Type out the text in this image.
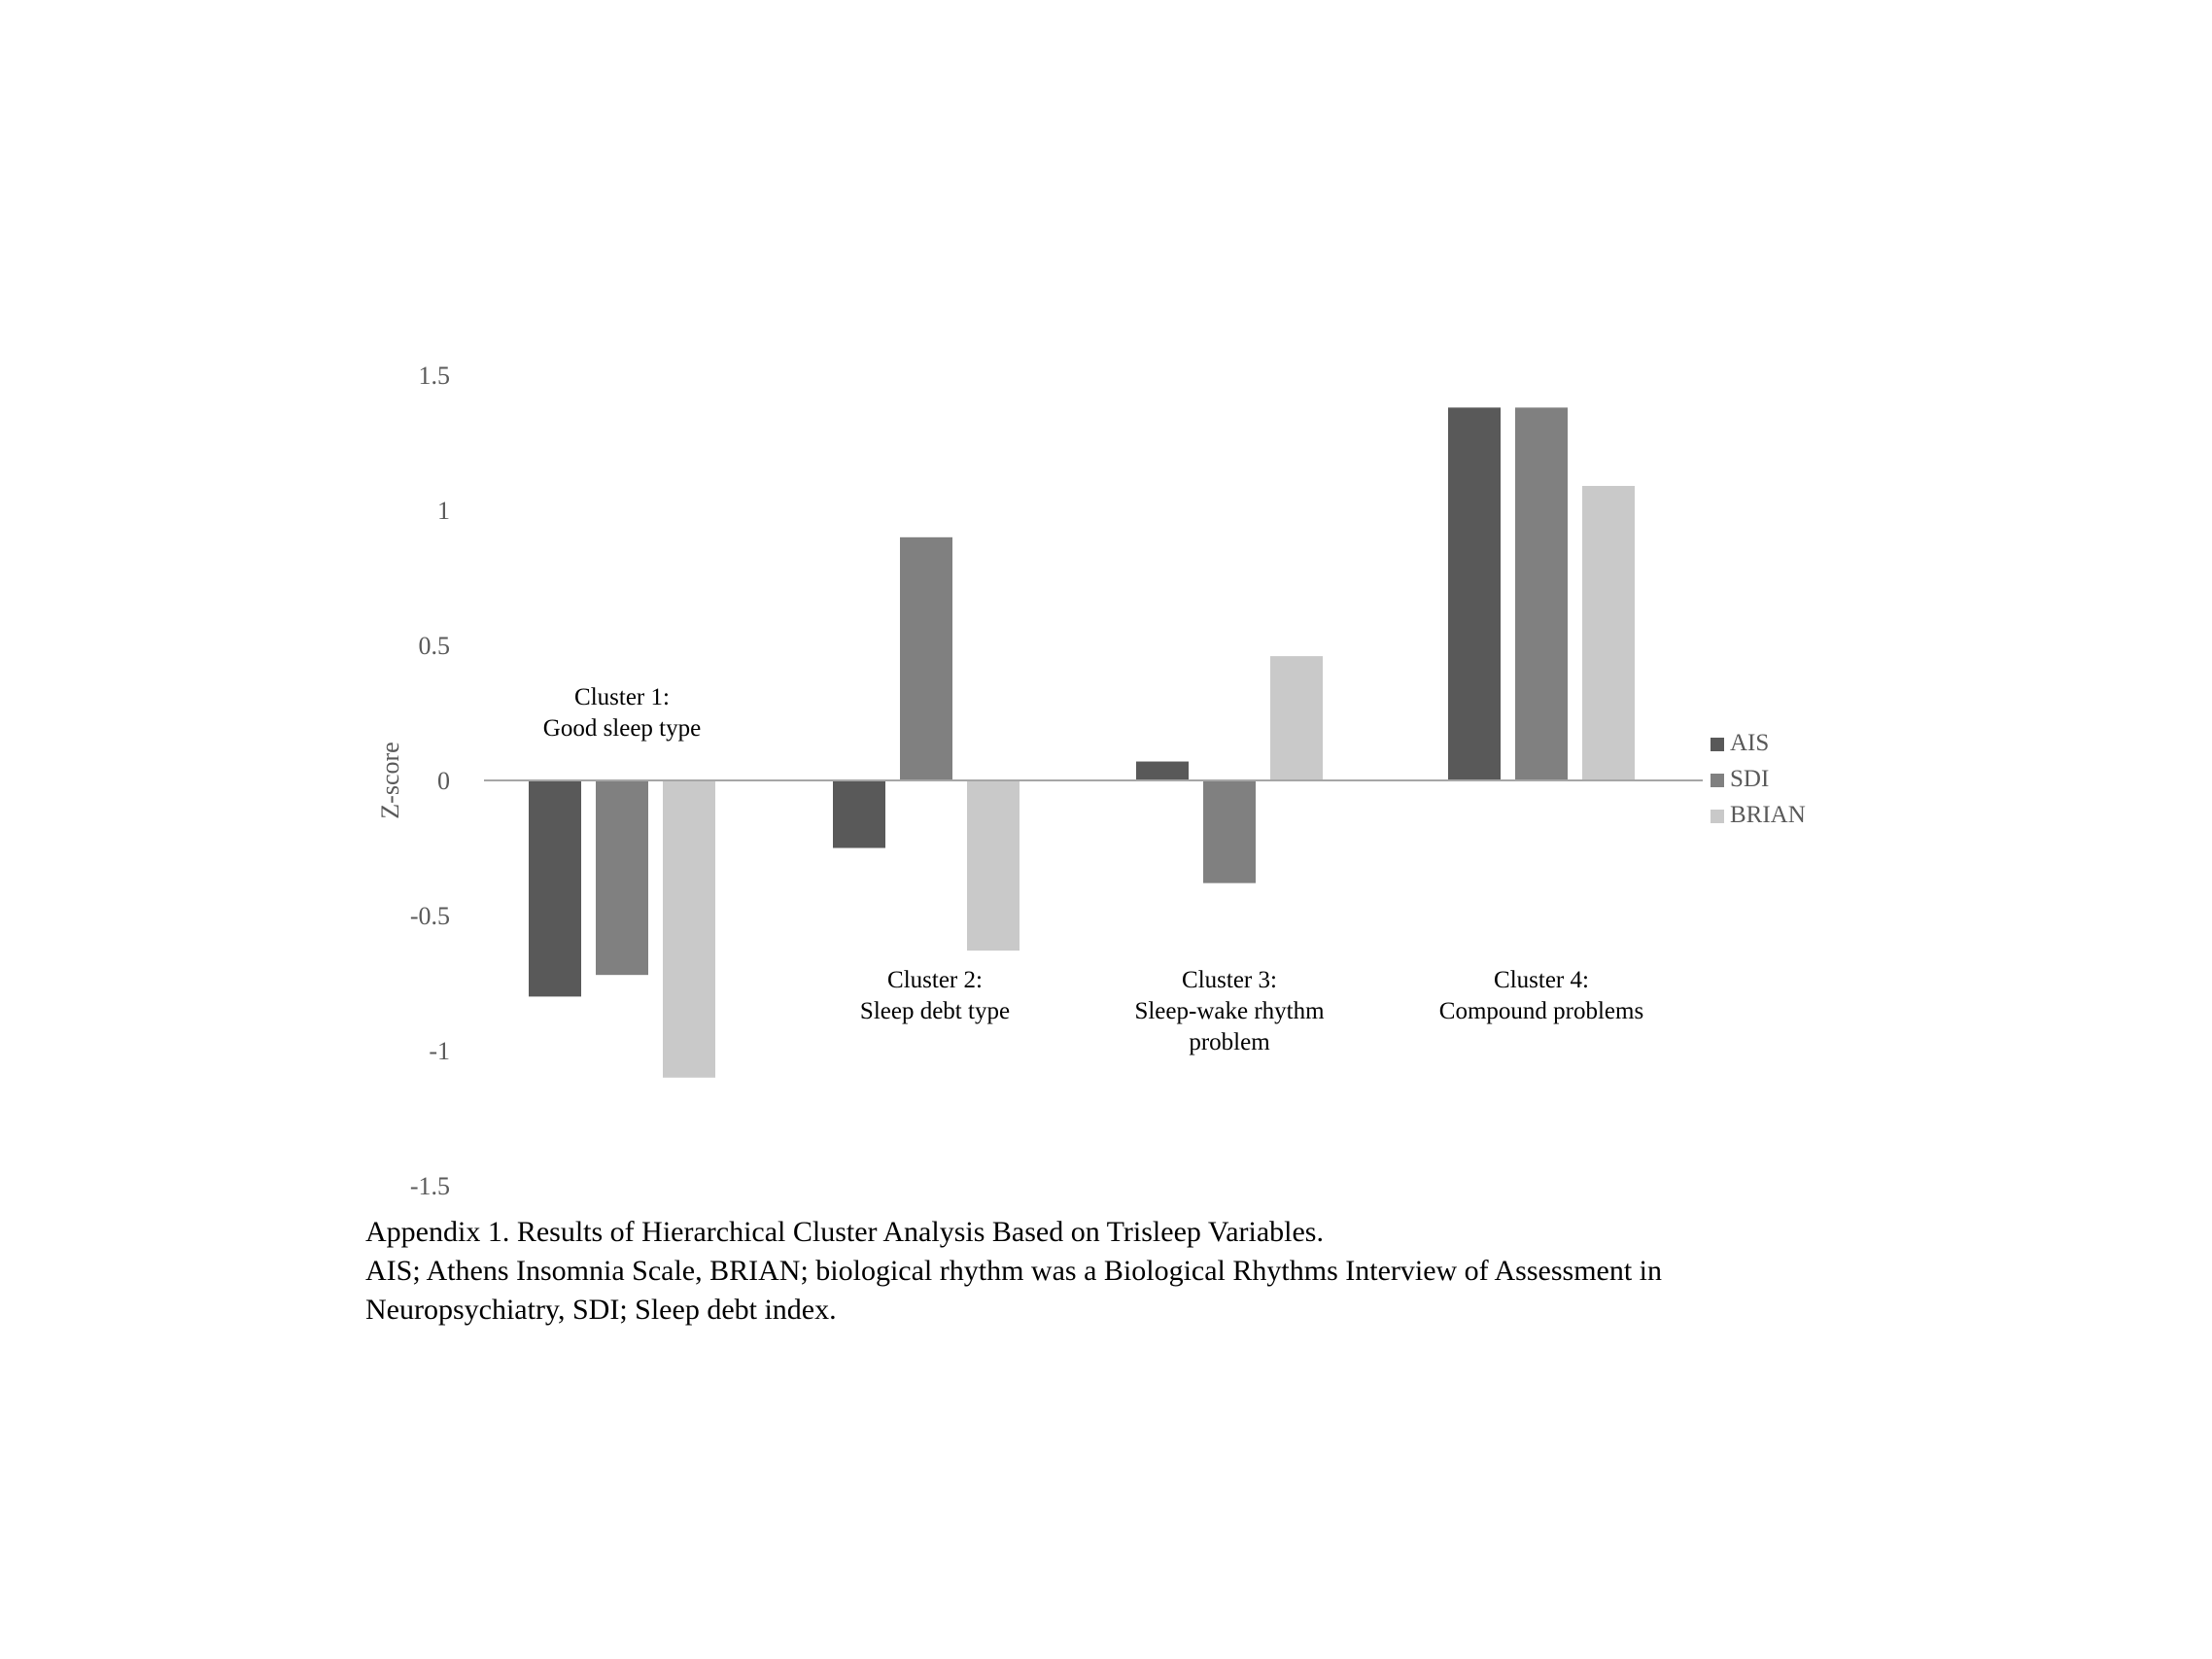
1.5
1
0.5
0
-0.5
-1
-1.5
Z-score
Cluster 1:
Good sleep type
Cluster 2:
Sleep debt type
Cluster 3:
Sleep-wake rhythm
problem
Cluster 4:
Compound problems
AIS
SDI
BRIAN
Appendix 1. Results of Hierarchical Cluster Analysis Based on Trisleep Variables.
AIS; Athens Insomnia Scale, BRIAN; biological rhythm was a Biological Rhythms Interview of Assessment in
Neuropsychiatry, SDI; Sleep debt index.
